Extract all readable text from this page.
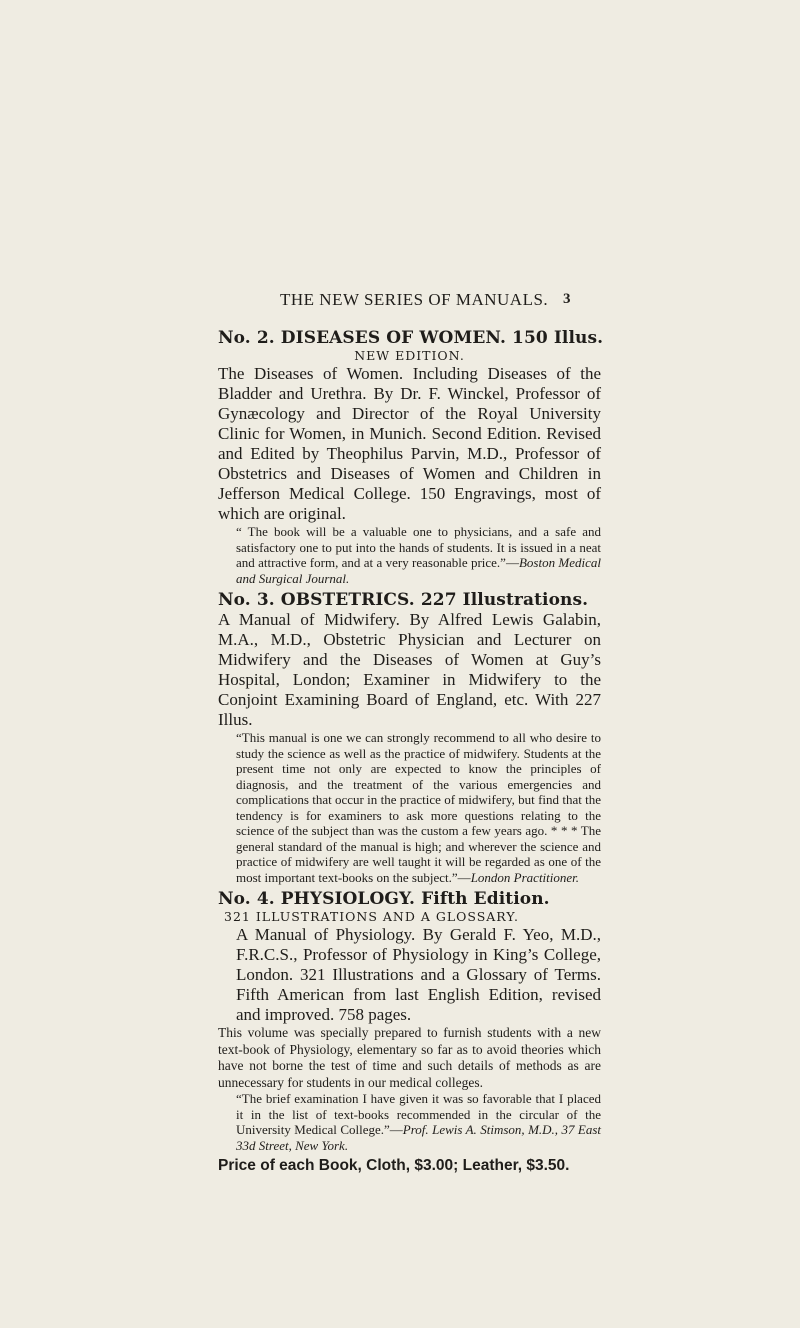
THE NEW SERIES OF MANUALS. 3
No. 2. DISEASES OF WOMEN. 150 Illus.
NEW EDITION.

The Diseases of Women. Including Diseases of the Bladder and Urethra. By Dr. F. Winckel, Professor of Gynæcology and Director of the Royal University Clinic for Women, in Munich. Second Edition. Revised and Edited by Theophilus Parvin, M.D., Professor of Obstetrics and Diseases of Women and Children in Jefferson Medical College. 150 Engravings, most of which are original.

“ The book will be a valuable one to physicians, and a safe and satisfactory one to put into the hands of students. It is issued in a neat and attractive form, and at a very reasonable price.”—Boston Medical and Surgical Journal.

No. 3. OBSTETRICS. 227 Illustrations.

A Manual of Midwifery. By Alfred Lewis Galabin, M.A., M.D., Obstetric Physician and Lecturer on Midwifery and the Diseases of Women at Guy’s Hospital, London; Examiner in Midwifery to the Conjoint Examining Board of England, etc. With 227 Illus.

“This manual is one we can strongly recommend to all who desire to study the science as well as the practice of midwifery. Students at the present time not only are expected to know the principles of diagnosis, and the treatment of the various emergencies and complications that occur in the practice of midwifery, but find that the tendency is for examiners to ask more questions relating to the science of the subject than was the custom a few years ago. * * * The general standard of the manual is high; and wherever the science and practice of midwifery are well taught it will be regarded as one of the most important text-books on the subject.”—London Practitioner.

No. 4. PHYSIOLOGY. Fifth Edition.
321 ILLUSTRATIONS AND A GLOSSARY.

A Manual of Physiology. By Gerald F. Yeo, M.D., F.R.C.S., Professor of Physiology in King’s College, London. 321 Illustrations and a Glossary of Terms. Fifth American from last English Edition, revised and improved. 758 pages.

This volume was specially prepared to furnish students with a new text-book of Physiology, elementary so far as to avoid theories which have not borne the test of time and such details of methods as are unnecessary for students in our medical colleges.

“The brief examination I have given it was so favorable that I placed it in the list of text-books recommended in the circular of the University Medical College.”—Prof. Lewis A. Stimson, M.D., 37 East 33d Street, New York.

Price of each Book, Cloth, $3.00; Leather, $3.50.
